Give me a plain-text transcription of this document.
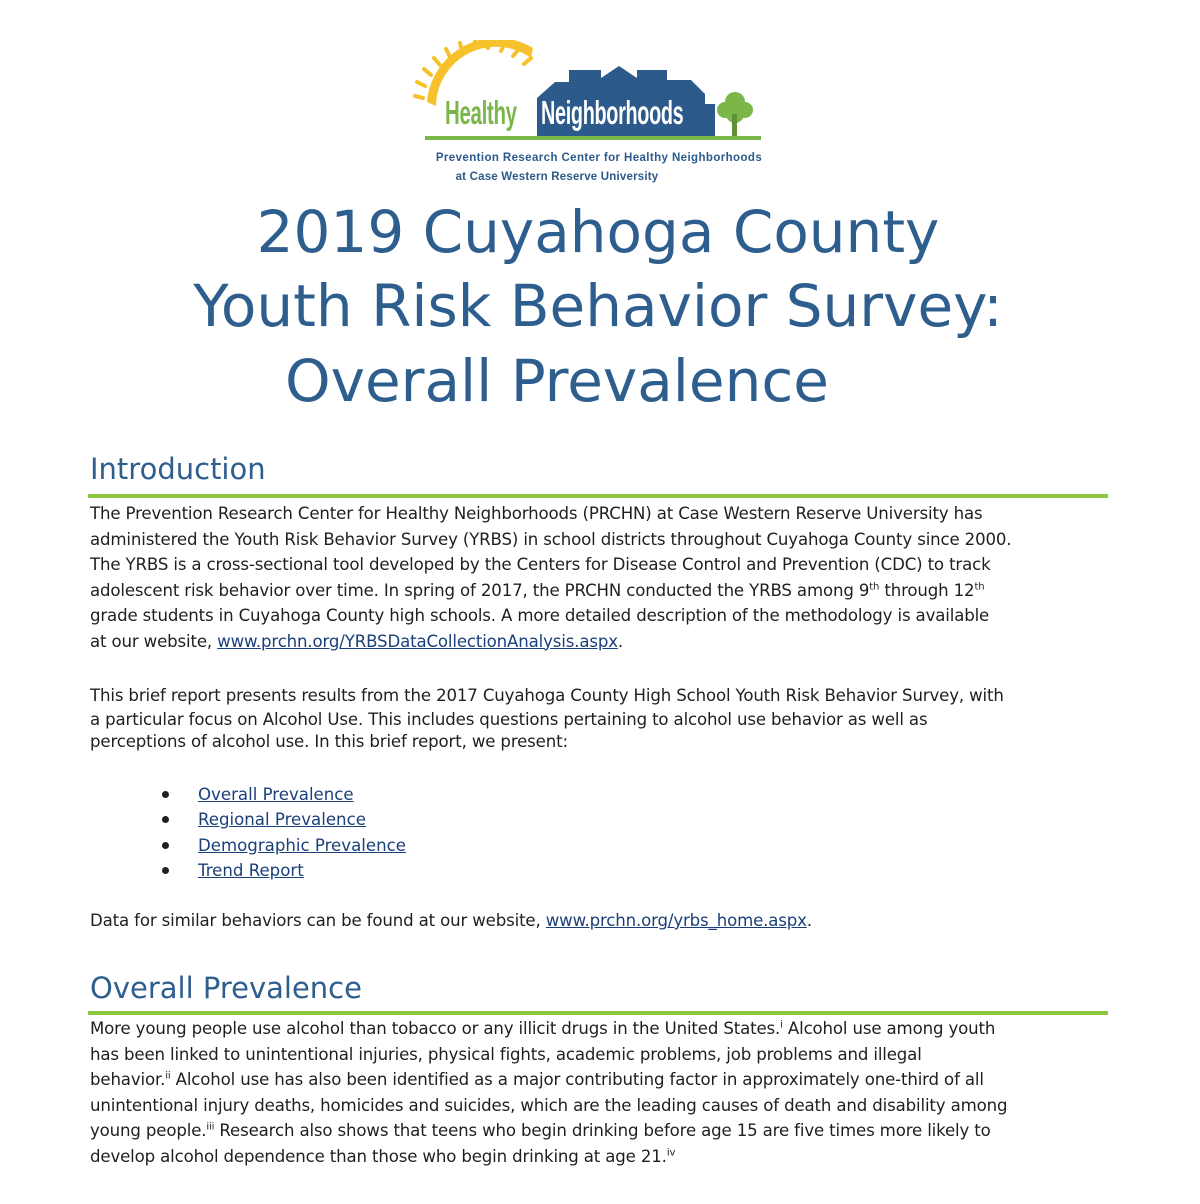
Healthy Neighborhoods
Prevention Research Center for Healthy Neighborhoods
at Case Western Reserve University
2019 Cuyahoga County
Youth Risk Behavior Survey:
Overall Prevalence
Introduction
The Prevention Research Center for Healthy Neighborhoods (PRCHN) at Case Western Reserve University has
administered the Youth Risk Behavior Survey (YRBS) in school districts throughout Cuyahoga County since 2000.
The YRBS is a cross-sectional tool developed by the Centers for Disease Control and Prevention (CDC) to track
adolescent risk behavior over time. In spring of 2017, the PRCHN conducted the YRBS among 9th through 12th
grade students in Cuyahoga County high schools. A more detailed description of the methodology is available
at our website, www.prchn.org/YRBSDataCollectionAnalysis.aspx.
This brief report presents results from the 2017 Cuyahoga County High School Youth Risk Behavior Survey, with
a particular focus on Alcohol Use. This includes questions pertaining to alcohol use behavior as well as
perceptions of alcohol use. In this brief report, we present:
Overall Prevalence
Regional Prevalence
Demographic Prevalence
Trend Report
Data for similar behaviors can be found at our website, www.prchn.org/yrbs_home.aspx.
Overall Prevalence
More young people use alcohol than tobacco or any illicit drugs in the United States.$^i$ Alcohol use among youth
has been linked to unintentional injuries, physical fights, academic problems, job problems and illegal
behavior.$^{ii}$ Alcohol use has also been identified as a major contributing factor in approximately one-third of all
unintentional injury deaths, homicides and suicides, which are the leading causes of death and disability among
young people.$^{iii}$ Research also shows that teens who begin drinking before age 15 are five times more likely to
develop alcohol dependence than those who begin drinking at age 21.$^{iv}$
